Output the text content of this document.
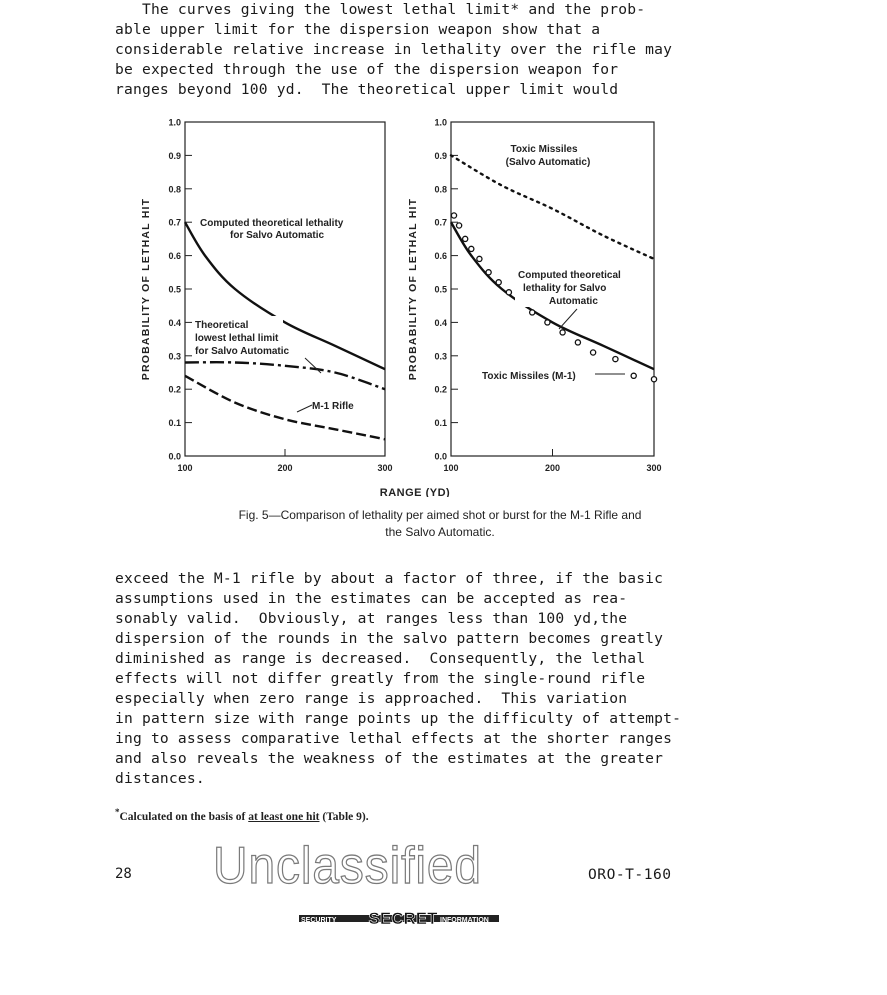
The curves giving the lowest lethal limit* and the prob-

able upper limit for the dispersion weapon show that a

considerable relative increase in lethality over the rifle may

be expected through the use of the dispersion weapon for

ranges beyond 100 yd.  The theoretical upper limit would

PROBABILITY OF LETHAL HIT	PROBABILITY OF LETHAL HIT
1.0
0.9
0.8
0.7
0.6
0.5
0.4
0.3
0.2
0.1
0.0
1.0
0.9
0.8
0.7
0.6
0.5
0.4
0.3
0.2
0.1
0.0
100	200	300	100	200	300
Computed theoretical lethality
for Salvo Automatic
Theoretical
lowest lethal limit
for Salvo Automatic
M-1 Rifle
Toxic Missiles
(Salvo Automatic)
Computed theoretical
lethality for Salvo
Automatic
Toxic Missiles (M-1)
RANGE (YD)
Fig. 5—Comparison of lethality per aimed shot or burst for the M-1 Rifle and
the Salvo Automatic.

exceed the M-1 rifle by about a factor of three, if the basic

assumptions used in the estimates can be accepted as rea-

sonably valid.  Obviously, at ranges less than 100 yd,the

dispersion of the rounds in the salvo pattern becomes greatly

diminished as range is decreased.  Consequently, the lethal

effects will not differ greatly from the single-round rifle

especially when zero range is approached.  This variation

in pattern size with range points up the difficulty of attempt-

ing to assess comparative lethal effects at the shorter ranges

and also reveals the weakness of the estimates at the greater

distances.

*Calculated on the basis of at least one hit (Table 9).
28 Unclassified	ORO-T-160
SECURITY SECRET INFORMATION
